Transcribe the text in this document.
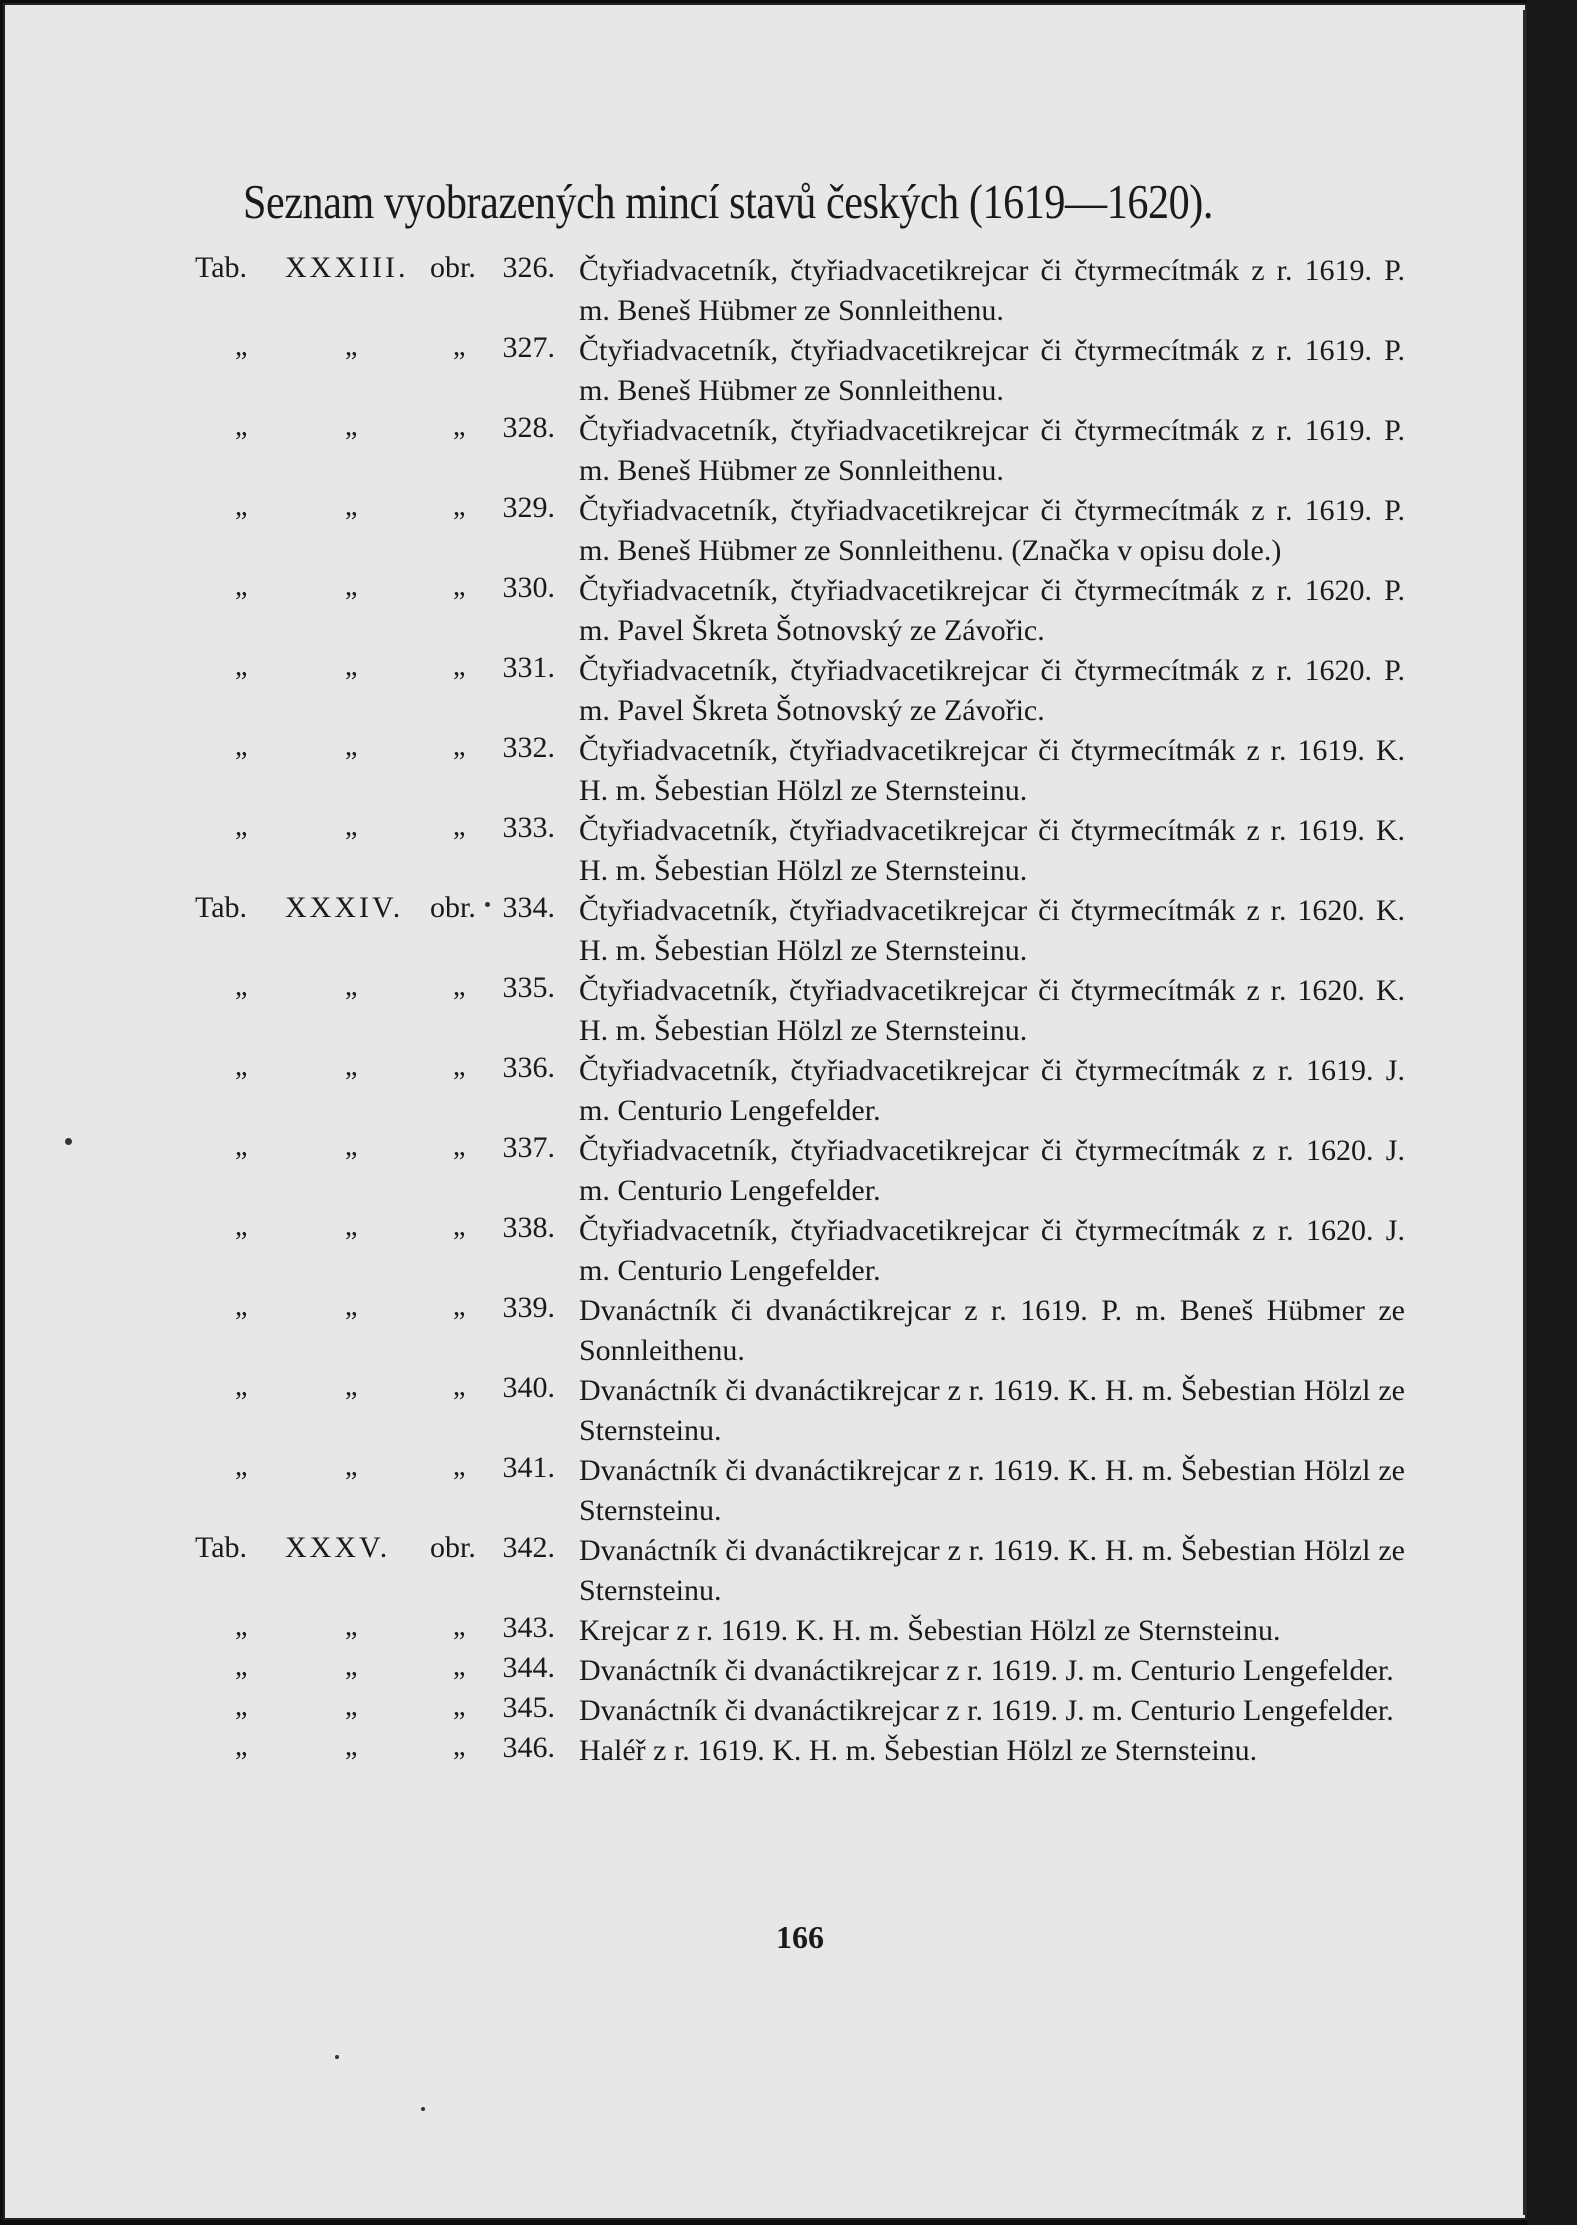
Seznam vyobrazených mincí stavů českých (1619—1620).
Tab. XXXIII. obr. 326. Čtyřiadvacetník, čtyřiadvacetikrejcar či čtyrmecítmák z r. 1619. P. m. Beneš Hübmer ze Sonnleithenu.
„	„	„ 327. Čtyřiadvacetník, čtyřiadvacetikrejcar či čtyrmecítmák z r. 1619. P. m. Beneš Hübmer ze Sonnleithenu.
„	„	„ 328. Čtyřiadvacetník, čtyřiadvacetikrejcar či čtyrmecítmák z r. 1619. P. m. Beneš Hübmer ze Sonnleithenu.
„	„	„ 329. Čtyřiadvacetník, čtyřiadvacetikrejcar či čtyrmecítmák z r. 1619. P. m. Beneš Hübmer ze Sonnleithenu. (Značka v opisu dole.)
„	„	„ 330. Čtyřiadvacetník, čtyřiadvacetikrejcar či čtyrmecítmák z r. 1620. P. m. Pavel Škreta Šotnovský ze Závořic.
„	„	„ 331. Čtyřiadvacetník, čtyřiadvacetikrejcar či čtyrmecítmák z r. 1620. P. m. Pavel Škreta Šotnovský ze Závořic.
„	„	„ 332. Čtyřiadvacetník, čtyřiadvacetikrejcar či čtyrmecítmák z r. 1619. K. H. m. Šebestian Hölzl ze Sternsteinu.
„	„	„ 333. Čtyřiadvacetník, čtyřiadvacetikrejcar či čtyrmecítmák z r. 1619. K. H. m. Šebestian Hölzl ze Sternsteinu.
Tab. XXXIV. obr. 334. Čtyřiadvacetník, čtyřiadvacetikrejcar či čtyrmecítmák z r. 1620. K. H. m. Šebestian Hölzl ze Sternsteinu.
„	„	„ 335. Čtyřiadvacetník, čtyřiadvacetikrejcar či čtyrmecítmák z r. 1620. K. H. m. Šebestian Hölzl ze Sternsteinu.
„	„	„ 336. Čtyřiadvacetník, čtyřiadvacetikrejcar či čtyrmecítmák z r. 1619. J. m. Centurio Lengefelder.
„	„	„ 337. Čtyřiadvacetník, čtyřiadvacetikrejcar či čtyrmecítmák z r. 1620. J. m. Centurio Lengefelder.
„	„	„ 338. Čtyřiadvacetník, čtyřiadvacetikrejcar či čtyrmecítmák z r. 1620. J. m. Centurio Lengefelder.
„	„	„ 339. Dvanáctník či dvanáctikrejcar z r. 1619. P. m. Beneš Hübmer ze Sonnleithenu.
„	„	„ 340. Dvanáctník či dvanáctikrejcar z r. 1619. K. H. m. Šebestian Hölzl ze Sternsteinu.
„	„	„ 341. Dvanáctník či dvanáctikrejcar z r. 1619. K. H. m. Šebestian Hölzl ze Sternsteinu.
Tab. XXXV. obr. 342. Dvanáctník či dvanáctikrejcar z r. 1619. K. H. m. Šebestian Hölzl ze Sternsteinu.
„	„	„ 343. Krejcar z r. 1619. K. H. m. Šebestian Hölzl ze Sternsteinu.
„	„	„ 344. Dvanáctník či dvanáctikrejcar z r. 1619. J. m. Centurio Lengefelder.
„	„	„ 345. Dvanáctník či dvanáctikrejcar z r. 1619. J. m. Centurio Lengefelder.
„	„	„ 346. Haléř z r. 1619. K. H. m. Šebestian Hölzl ze Sternsteinu.
166
